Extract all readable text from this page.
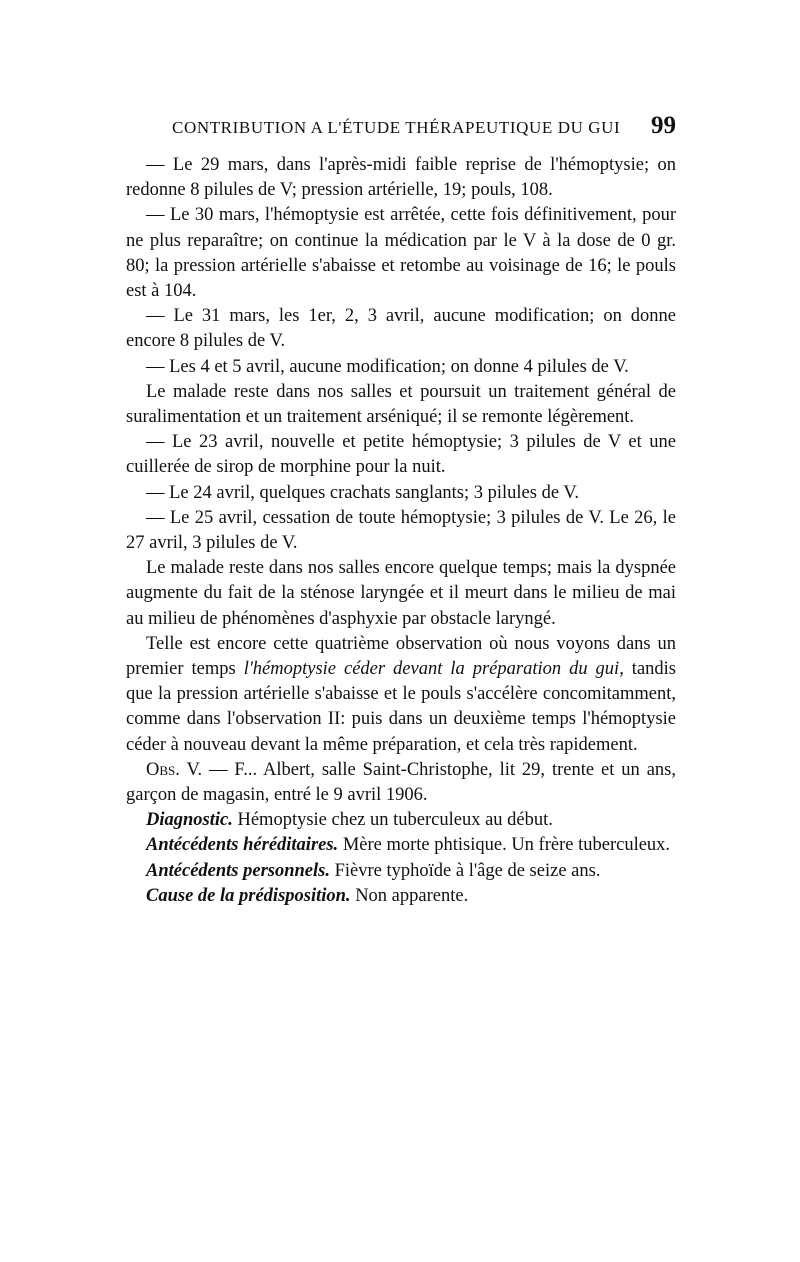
CONTRIBUTION A L'ÉTUDE THÉRAPEUTIQUE DU GUI 99

— Le 29 mars, dans l'après-midi faible reprise de l'hémoptysie; on redonne 8 pilules de V; pression artérielle, 19; pouls, 108.

— Le 30 mars, l'hémoptysie est arrêtée, cette fois définitivement, pour ne plus reparaître; on continue la médication par le V à la dose de 0 gr. 80; la pression artérielle s'abaisse et retombe au voisinage de 16; le pouls est à 104.

— Le 31 mars, les 1er, 2, 3 avril, aucune modification; on donne encore 8 pilules de V.

— Les 4 et 5 avril, aucune modification; on donne 4 pilules de V.

Le malade reste dans nos salles et poursuit un traitement général de suralimentation et un traitement arséniqué; il se remonte légèrement.

— Le 23 avril, nouvelle et petite hémoptysie; 3 pilules de V et une cuillerée de sirop de morphine pour la nuit.

— Le 24 avril, quelques crachats sanglants; 3 pilules de V.

— Le 25 avril, cessation de toute hémoptysie; 3 pilules de V. Le 26, le 27 avril, 3 pilules de V.

Le malade reste dans nos salles encore quelque temps; mais la dyspnée augmente du fait de la sténose laryngée et il meurt dans le milieu de mai au milieu de phénomènes d'asphyxie par obstacle laryngé.

Telle est encore cette quatrième observation où nous voyons dans un premier temps l'hémoptysie céder devant la préparation du gui, tandis que la pression artérielle s'abaisse et le pouls s'accélère concomitamment, comme dans l'observation II: puis dans un deuxième temps l'hémoptysie céder à nouveau devant la même préparation, et cela très rapidement.

Obs. V. — F... Albert, salle Saint-Christophe, lit 29, trente et un ans, garçon de magasin, entré le 9 avril 1906.

Diagnostic. Hémoptysie chez un tuberculeux au début.

Antécédents héréditaires. Mère morte phtisique. Un frère tuberculeux.

Antécédents personnels. Fièvre typhoïde à l'âge de seize ans.

Cause de la prédisposition. Non apparente.
